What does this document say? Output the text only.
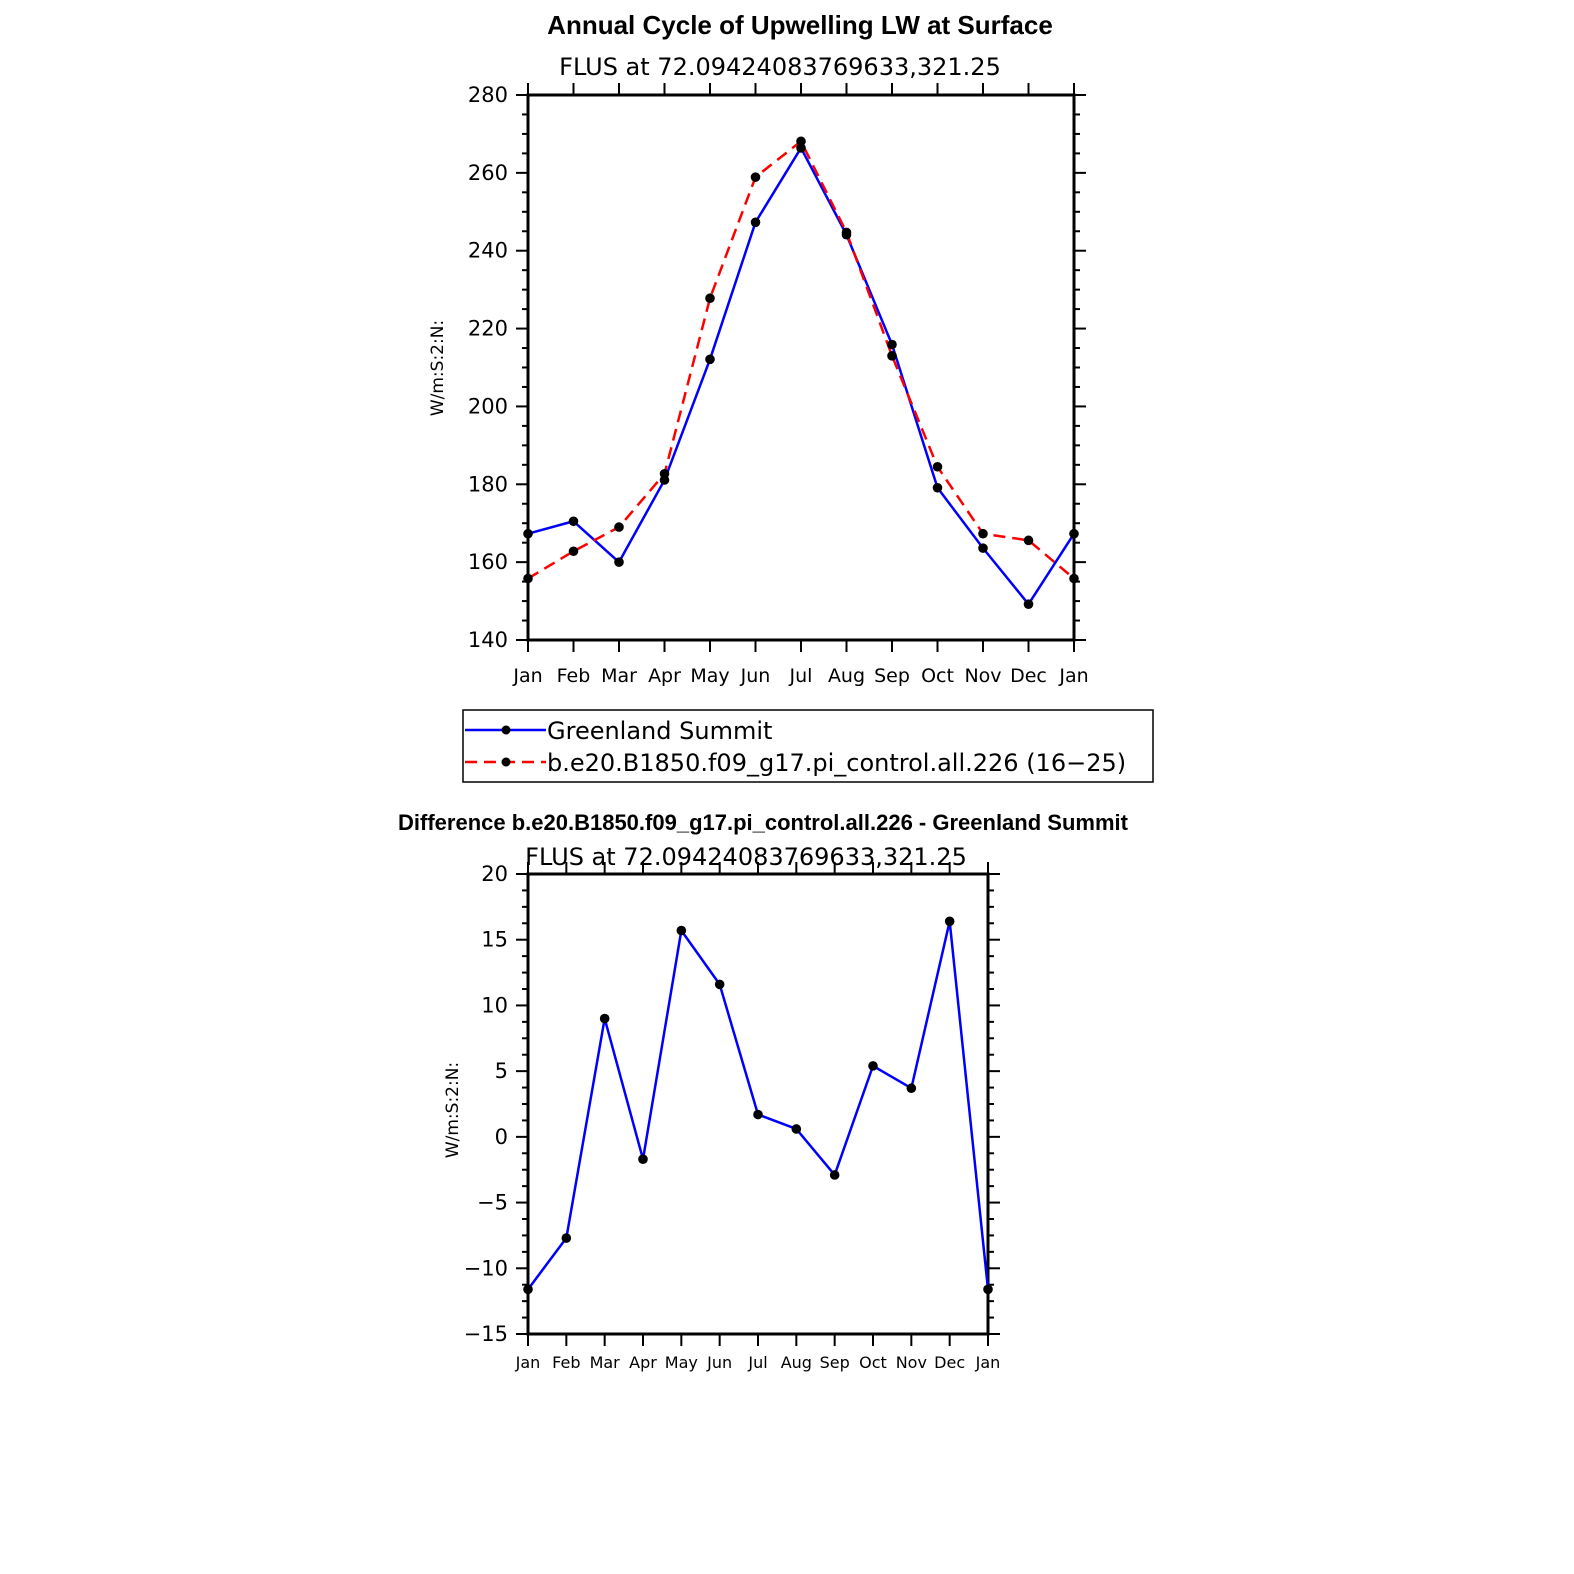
Annual Cycle of Upwelling LW at Surface
FLUS at 72.09424083769633,321.25
W/m:S:2:N:
140
160
180
200
220
240
260
280
Jan Feb Mar Apr May Jun Jul Aug Sep Oct Nov Dec Jan
Greenland Summit
b.e20.B1850.f09_g17.pi_control.all.226 (16−25)
Difference b.e20.B1850.f09_g17.pi_control.all.226 - Greenland Summit
FLUS at 72.09424083769633,321.25
W/m:S:2:N:
−15
−10
−5
0
5
10
15
20
Jan Feb Mar Apr May Jun Jul Aug Sep Oct Nov Dec Jan
